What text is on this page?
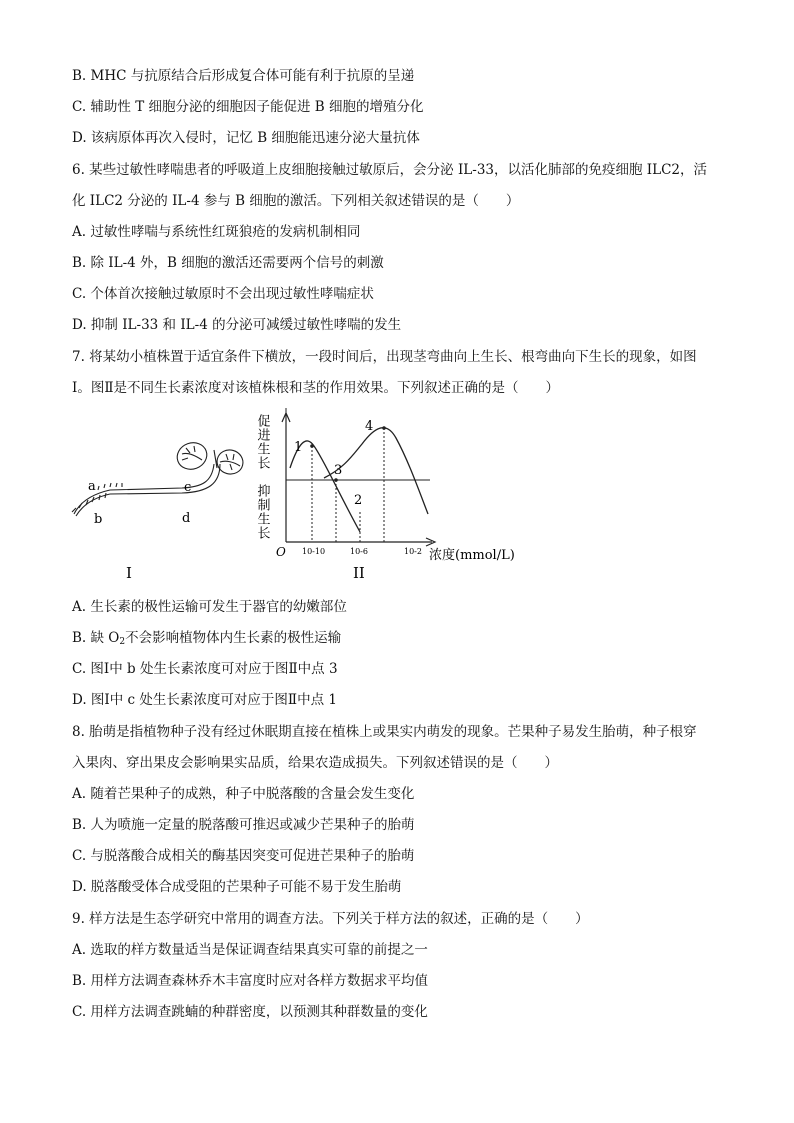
B. MHC 与抗原结合后形成复合体可能有利于抗原的呈递
C. 辅助性 T 细胞分泌的细胞因子能促进 B 细胞的增殖分化
D. 该病原体再次入侵时，记忆 B 细胞能迅速分泌大量抗体
6. 某些过敏性哮喘患者的呼吸道上皮细胞接触过敏原后，会分泌 IL-33，以活化肺部的免疫细胞 ILC2，活
化 ILC2 分泌的 IL-4 参与 B 细胞的激活。下列相关叙述错误的是（　　）
A. 过敏性哮喘与系统性红斑狼疮的发病机制相同
B. 除 IL-4 外，B 细胞的激活还需要两个信号的刺激
C. 个体首次接触过敏原时不会出现过敏性哮喘症状
D. 抑制 IL-33 和 IL-4 的分泌可减缓过敏性哮喘的发生
7. 将某幼小植株置于适宜条件下横放，一段时间后，出现茎弯曲向上生长、根弯曲向下生长的现象，如图
Ⅰ。图Ⅱ是不同生长素浓度对该植株根和茎的作用效果。下列叙述正确的是（　　）
a
b
c
d
I
1
2
3
4
促进生长
抑制生长
O 10-10	10-6	10-2 浓度(mmol/L)
II
A. 生长素的极性运输可发生于器官的幼嫩部位
B. 缺 $O_2$不会影响植物体内生长素的极性运输
C. 图Ⅰ中 b 处生长素浓度可对应于图Ⅱ中点 3
D. 图Ⅰ中 c 处生长素浓度可对应于图Ⅱ中点 1
8. 胎萌是指植物种子没有经过休眠期直接在植株上或果实内萌发的现象。芒果种子易发生胎萌，种子根穿
入果肉、穿出果皮会影响果实品质，给果农造成损失。下列叙述错误的是（　　）
A. 随着芒果种子的成熟，种子中脱落酸的含量会发生变化
B. 人为喷施一定量的脱落酸可推迟或减少芒果种子的胎萌
C. 与脱落酸合成相关的酶基因突变可促进芒果种子的胎萌
D. 脱落酸受体合成受阻的芒果种子可能不易于发生胎萌
9. 样方法是生态学研究中常用的调查方法。下列关于样方法的叙述，正确的是（　　）
A. 选取的样方数量适当是保证调查结果真实可靠的前提之一
B. 用样方法调查森林乔木丰富度时应对各样方数据求平均值
C. 用样方法调查跳蝻的种群密度，以预测其种群数量的变化
